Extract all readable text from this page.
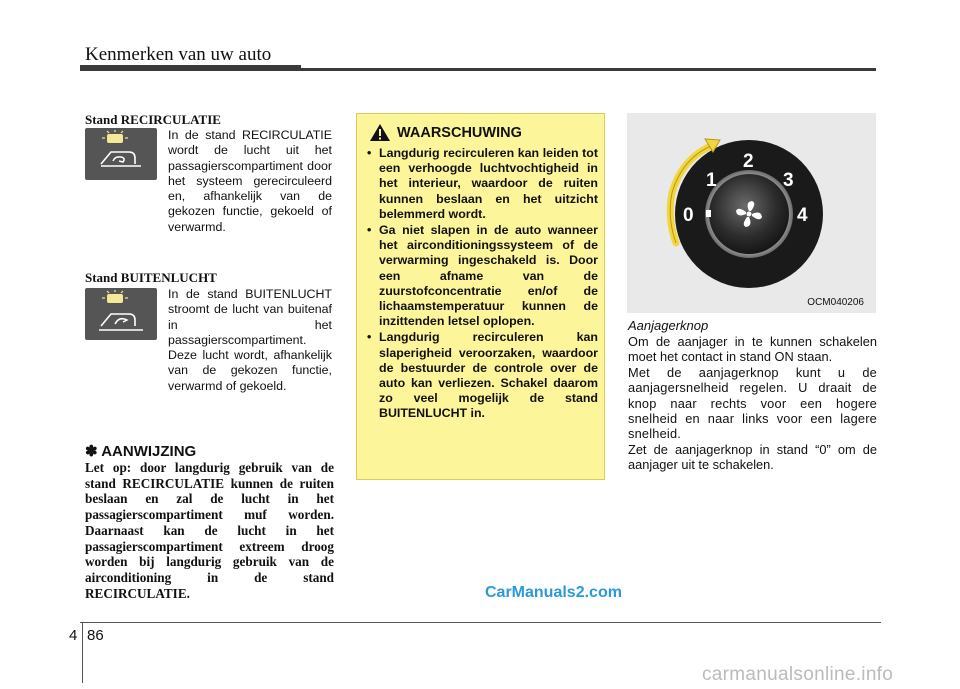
Kenmerken van uw auto
Stand RECIRCULATIE
In de stand RECIRCULATIE wordt de lucht uit het passagierscompartiment door het systeem gerecirculeerd en, afhankelijk van de gekozen functie, gekoeld of verwarmd.
Stand BUITENLUCHT
In de stand BUITENLUCHT stroomt de lucht van buitenaf in het passagierscompartiment. Deze lucht wordt, afhankelijk van de gekozen functie, verwarmd of gekoeld.
✽ AANWIJZING
Let op: door langdurig gebruik van de stand RECIRCULATIE kunnen de ruiten beslaan en zal de lucht in het passagierscompartiment muf worden. Daarnaast kan de lucht in het passagierscompartiment extreem droog worden bij langdurig gebruik van de airconditioning in de stand RECIRCULATIE.
WAARSCHUWING
• Langdurig recirculeren kan leiden tot een verhoogde luchtvochtigheid in het interieur, waardoor de ruiten kunnen beslaan en het uitzicht belemmerd wordt.
• Ga niet slapen in de auto wanneer het airconditioningssysteem of de verwarming ingeschakeld is. Door een afname van de zuurstofconcentratie en/of de lichaamstemperatuur kunnen de inzittenden letsel oplopen.
• Langdurig recirculeren kan slaperigheid veroorzaken, waardoor de bestuurder de controle over de auto kan verliezen. Schakel daarom zo veel mogelijk de stand BUITENLUCHT in.
0
1
2
3
4
OCM040206
Aanjagerknop
Om de aanjager in te kunnen schakelen moet het contact in stand ON staan.
Met de aanjagerknop kunt u de aanjagersnelheid regelen. U draait de knop naar rechts voor een hogere snelheid en naar links voor een lagere snelheid.
Zet de aanjagerknop in stand “0” om de aanjager uit te schakelen.
CarManuals2.com
4 86
carmanualsonline.info
